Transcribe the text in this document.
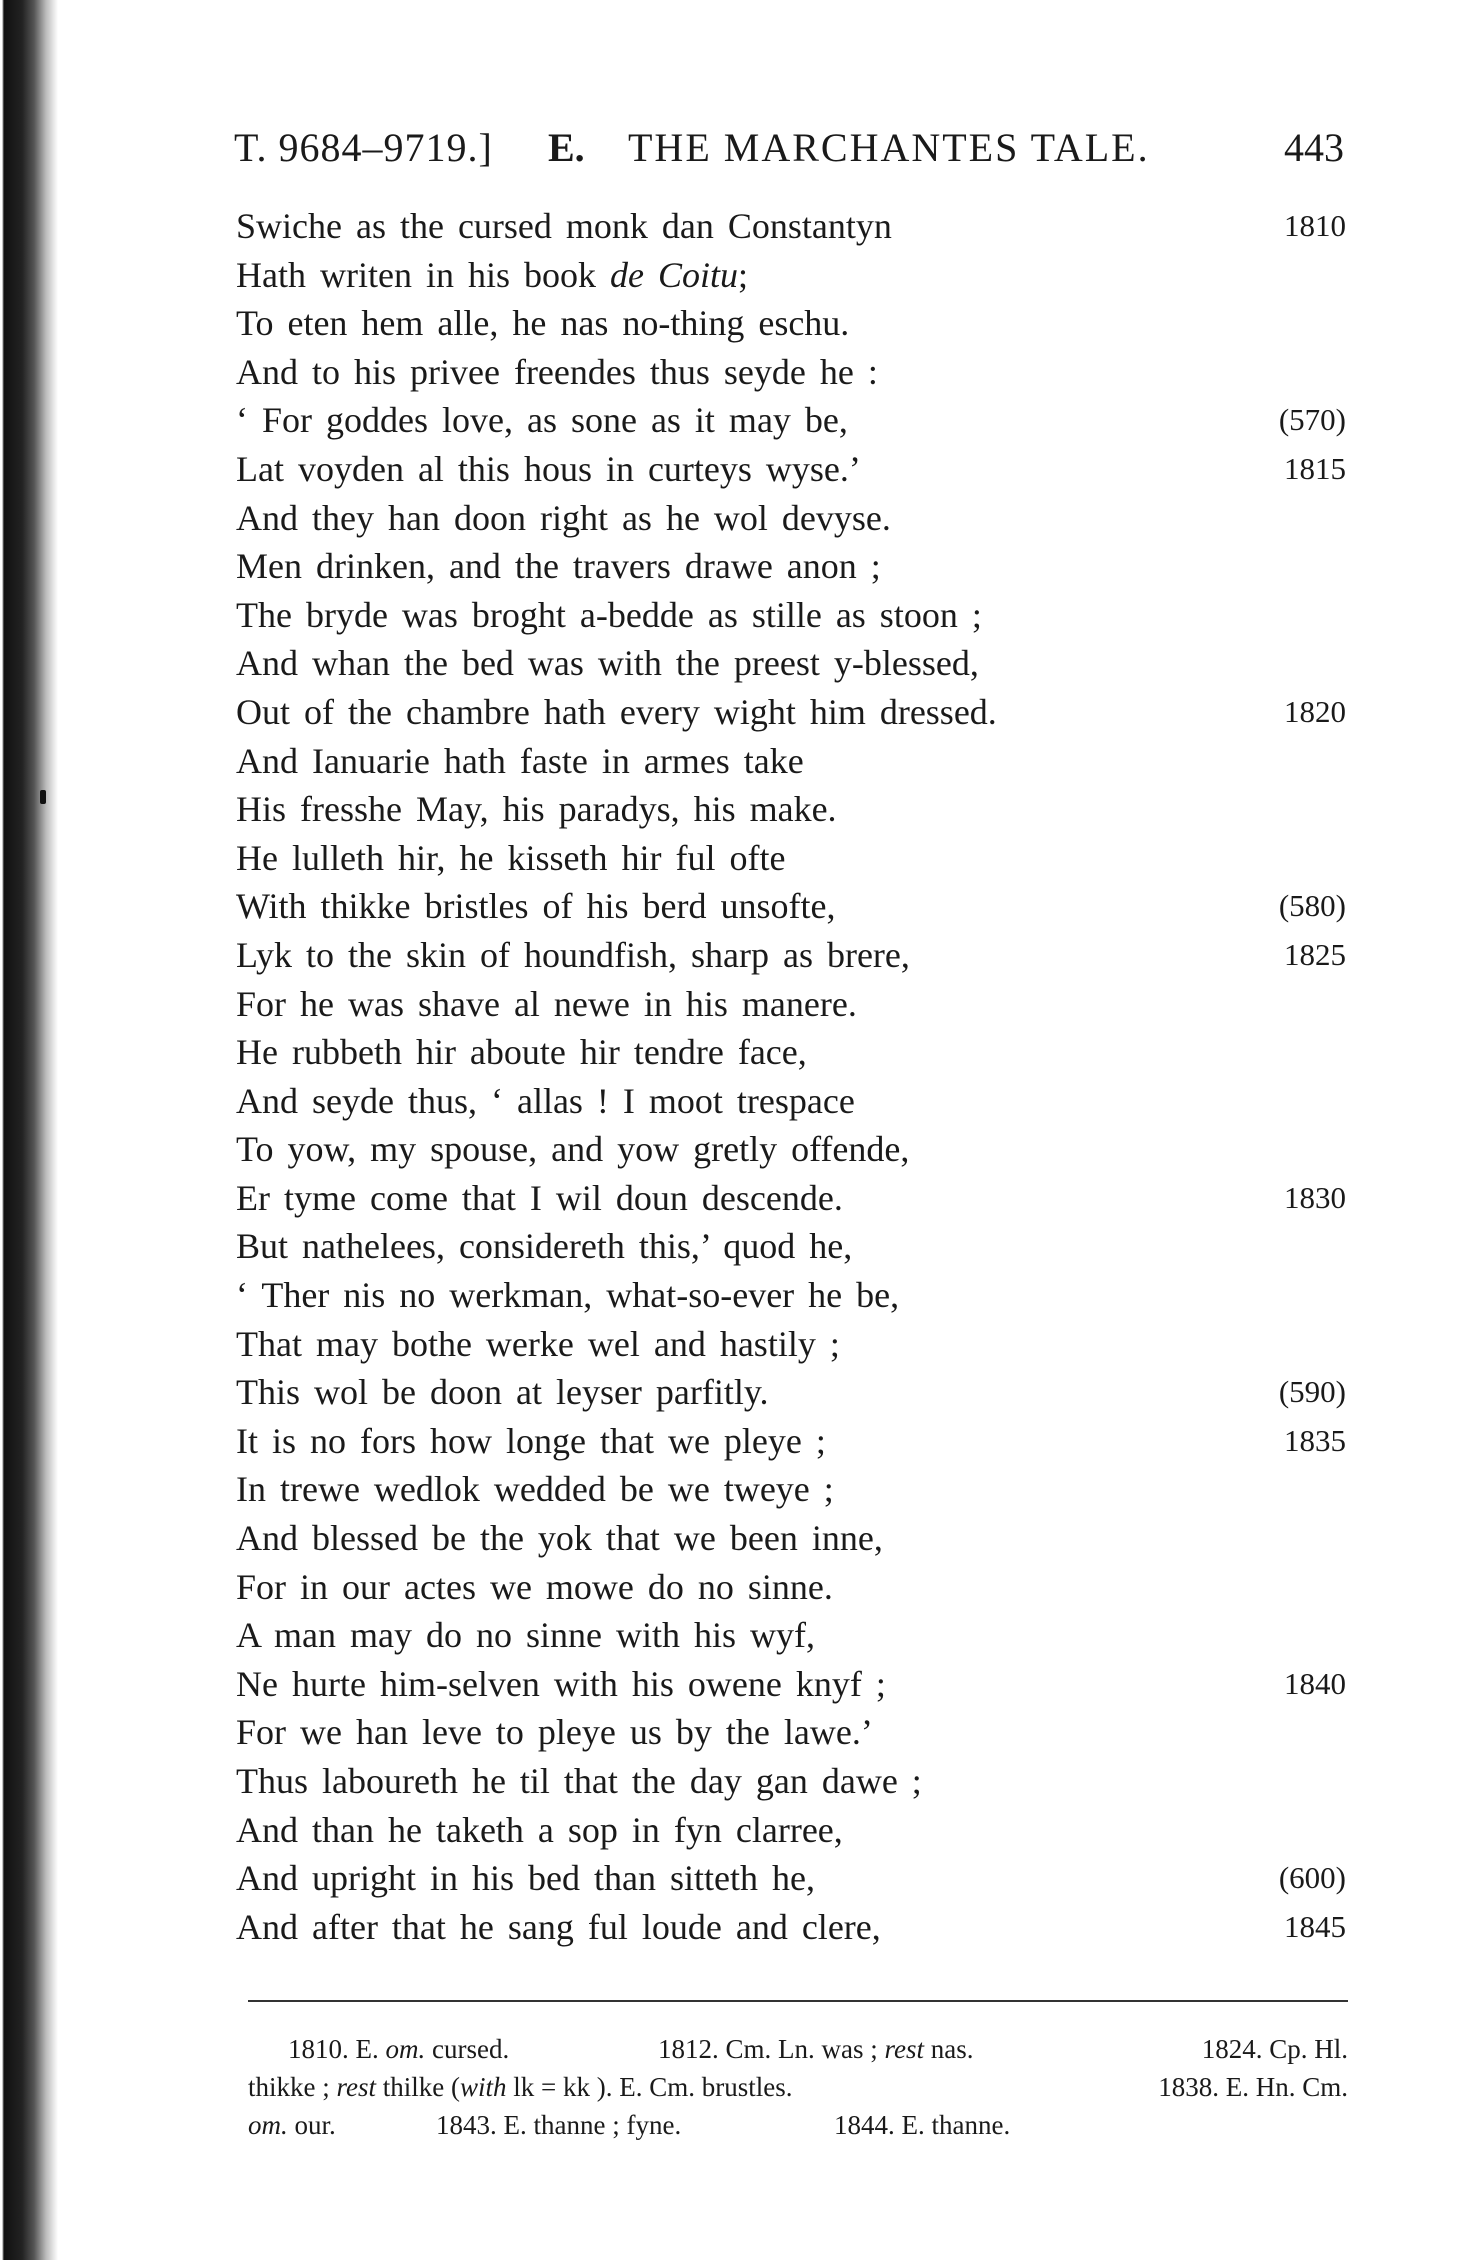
T. 9684–9719.] E. THE MARCHANTES TALE.	443
Swiche as the cursed monk dan Constantyn	1810
Hath writen in his book de Coitu;
To eten hem alle, he nas no-thing eschu.
And to his privee freendes thus seyde he :
‘ For goddes love, as sone as it may be,	(570)
Lat voyden al this hous in curteys wyse.’	1815
And they han doon right as he wol devyse.
Men drinken, and the travers drawe anon ;
The bryde was broght a-bedde as stille as stoon ;
And whan the bed was with the preest y-blessed,
Out of the chambre hath every wight him dressed.	1820
And Ianuarie hath faste in armes take
His fresshe May, his paradys, his make.
He lulleth hir, he kisseth hir ful ofte
With thikke bristles of his berd unsofte,	(580)
Lyk to the skin of houndfish, sharp as brere,	1825
For he was shave al newe in his manere.
He rubbeth hir aboute hir tendre face,
And seyde thus, ‘ allas ! I moot trespace
To yow, my spouse, and yow gretly offende,
Er tyme come that I wil doun descende.	1830
But nathelees, considereth this,’ quod he,
‘ Ther nis no werkman, what-so-ever he be,
That may bothe werke wel and hastily ;
This wol be doon at leyser parfitly.	(590)
It is no fors how longe that we pleye ;	1835
In trewe wedlok wedded be we tweye ;
And blessed be the yok that we been inne,
For in our actes we mowe do no sinne.
A man may do no sinne with his wyf,
Ne hurte him-selven with his owene knyf ;	1840
For we han leve to pleye us by the lawe.’
Thus laboureth he til that the day gan dawe ;
And than he taketh a sop in fyn clarree,
And upright in his bed than sitteth he,	(600)
And after that he sang ful loude and clere,	1845
1810. E. om. cursed.	1812. Cm. Ln. was ; rest nas.	1824. Cp. Hl.
thikke ; rest thilke (with lk = kk ). E. Cm. brustles.	1838. E. Hn. Cm.
om. our.	1843. E. thanne ; fyne.	1844. E. thanne.
